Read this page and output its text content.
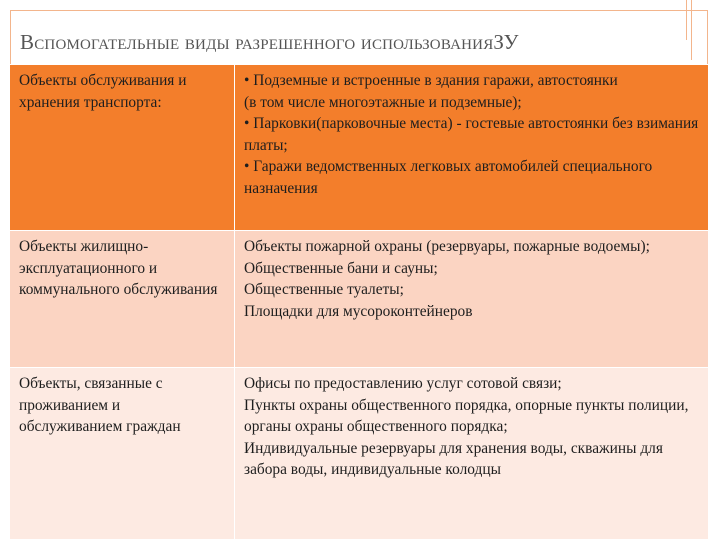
Вспомогательные виды разрешенного использованияЗУ
Объекты обслуживания и хранения транспорта:	• Подземные и встроенные в здания гаражи, автостоянки
(в том числе многоэтажные и подземные);
• Парковки(парковочные места) - гостевые автостоянки без взимания платы;
• Гаражи ведомственных легковых автомобилей специального назначения

Объекты жилищно-эксплуатационного и коммунального обслуживания	Объекты пожарной охраны (резервуары, пожарные водоемы);
Общественные бани и сауны;
Общественные туалеты;
Площадки для мусороконтейнеров

Объекты, связанные с проживанием и обслуживанием граждан	Офисы по предоставлению услуг сотовой связи;
Пункты охраны общественного порядка, опорные пункты полиции, органы охраны общественного порядка;
Индивидуальные резервуары для хранения воды, скважины для забора воды, индивидуальные колодцы
